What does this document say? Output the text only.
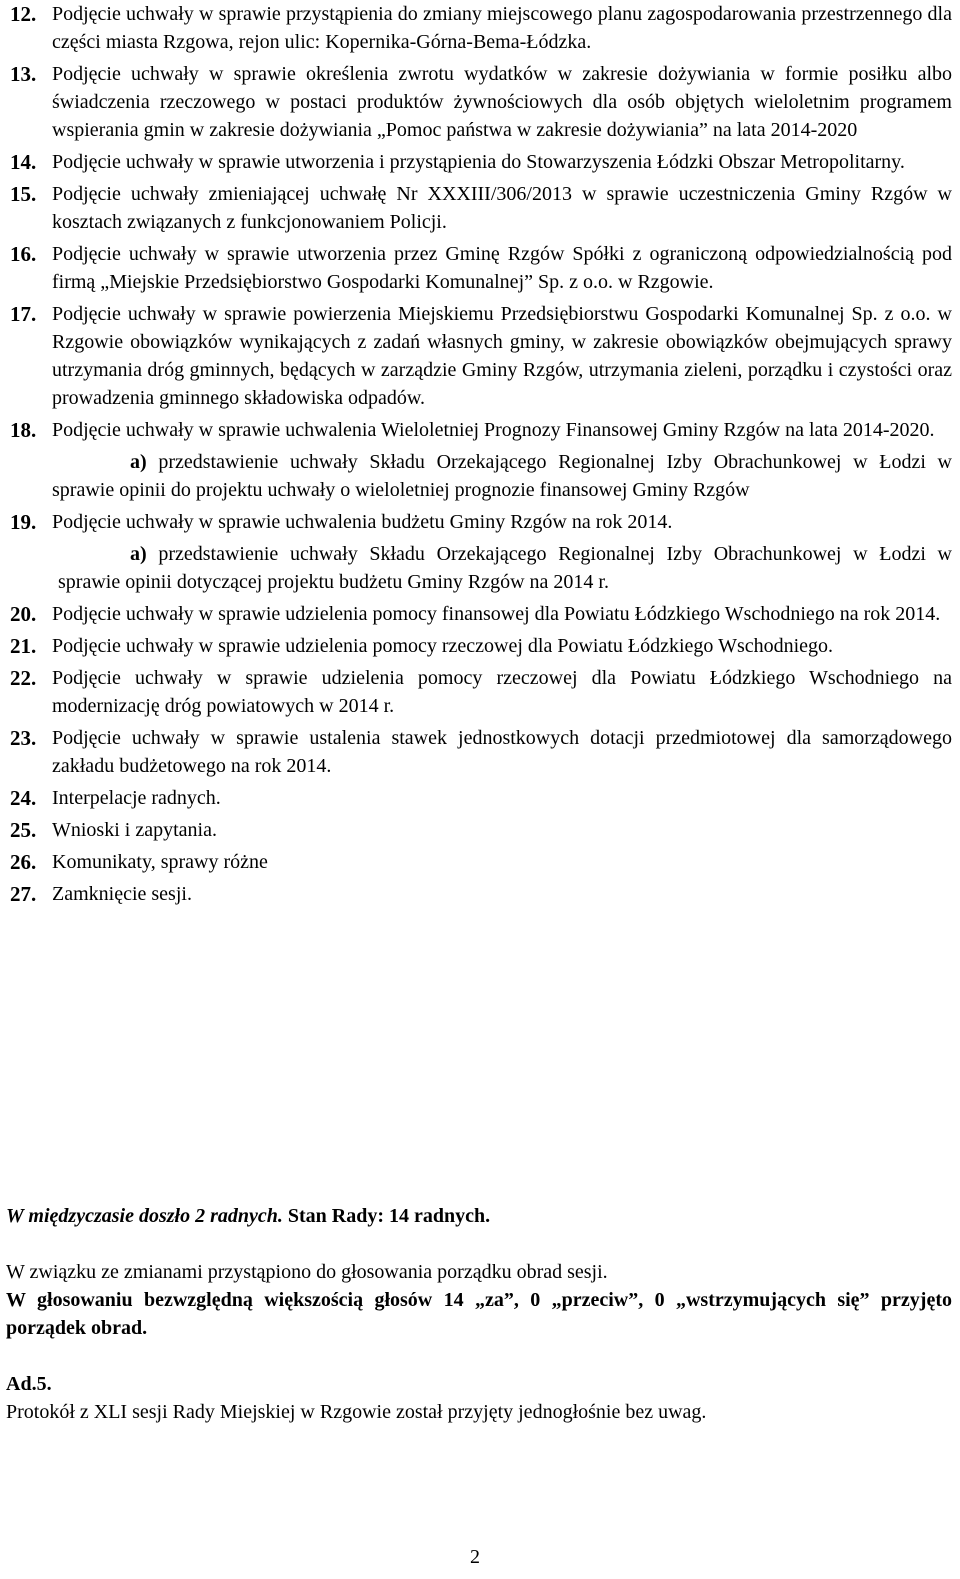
12. Podjęcie uchwały w sprawie przystąpienia do zmiany miejscowego planu zagospodarowania przestrzennego dla części miasta Rzgowa, rejon ulic: Kopernika-Górna-Bema-Łódzka.
13. Podjęcie uchwały w sprawie określenia zwrotu wydatków w zakresie dożywiania w formie posiłku albo świadczenia rzeczowego w postaci produktów żywnościowych dla osób objętych wieloletnim programem wspierania gmin w zakresie dożywiania „Pomoc państwa w zakresie dożywiania” na lata 2014-2020
14. Podjęcie uchwały w sprawie utworzenia i przystąpienia do Stowarzyszenia Łódzki Obszar Metropolitarny.
15. Podjęcie uchwały zmieniającej uchwałę Nr XXXIII/306/2013 w sprawie uczestniczenia Gminy Rzgów w kosztach związanych z funkcjonowaniem Policji.
16. Podjęcie uchwały w sprawie utworzenia przez Gminę Rzgów Spółki z ograniczoną odpowiedzialnością pod firmą „Miejskie Przedsiębiorstwo Gospodarki Komunalnej” Sp. z o.o. w Rzgowie.
17. Podjęcie uchwały w sprawie powierzenia Miejskiemu Przedsiębiorstwu Gospodarki Komunalnej Sp. z o.o. w Rzgowie obowiązków wynikających z zadań własnych gminy, w zakresie obowiązków obejmujących sprawy utrzymania dróg gminnych, będących w zarządzie Gminy Rzgów, utrzymania zieleni, porządku i czystości oraz prowadzenia gminnego składowiska odpadów.
18. Podjęcie uchwały w sprawie uchwalenia Wieloletniej Prognozy Finansowej Gminy Rzgów na lata 2014-2020.
a) przedstawienie uchwały Składu Orzekającego Regionalnej Izby Obrachunkowej w Łodzi w sprawie opinii do projektu uchwały o wieloletniej prognozie finansowej Gminy Rzgów
19. Podjęcie uchwały w sprawie uchwalenia budżetu Gminy Rzgów na rok 2014.
a) przedstawienie uchwały Składu Orzekającego Regionalnej Izby Obrachunkowej w Łodzi w sprawie opinii dotyczącej projektu budżetu Gminy Rzgów na 2014 r.
20. Podjęcie uchwały w sprawie udzielenia pomocy finansowej dla Powiatu Łódzkiego Wschodniego na rok 2014.
21. Podjęcie uchwały w sprawie udzielenia pomocy rzeczowej dla Powiatu Łódzkiego Wschodniego.
22. Podjęcie uchwały w sprawie udzielenia pomocy rzeczowej dla Powiatu Łódzkiego Wschodniego na modernizację dróg powiatowych w 2014 r.
23. Podjęcie uchwały w sprawie ustalenia stawek jednostkowych dotacji przedmiotowej dla samorządowego zakładu budżetowego na rok 2014.
24. Interpelacje radnych.
25. Wnioski i zapytania.
26. Komunikaty, sprawy różne
27. Zamknięcie sesji.
W międzyczasie doszło 2 radnych. Stan Rady: 14 radnych.
W związku ze zmianami przystąpiono do głosowania porządku obrad sesji.
W głosowaniu bezwzględną większością głosów 14 „za”, 0 „przeciw”, 0 „wstrzymujących się” przyjęto porządek obrad.
Ad.5.
Protokół z XLI sesji Rady Miejskiej w Rzgowie został przyjęty jednogłośnie bez uwag.
2
